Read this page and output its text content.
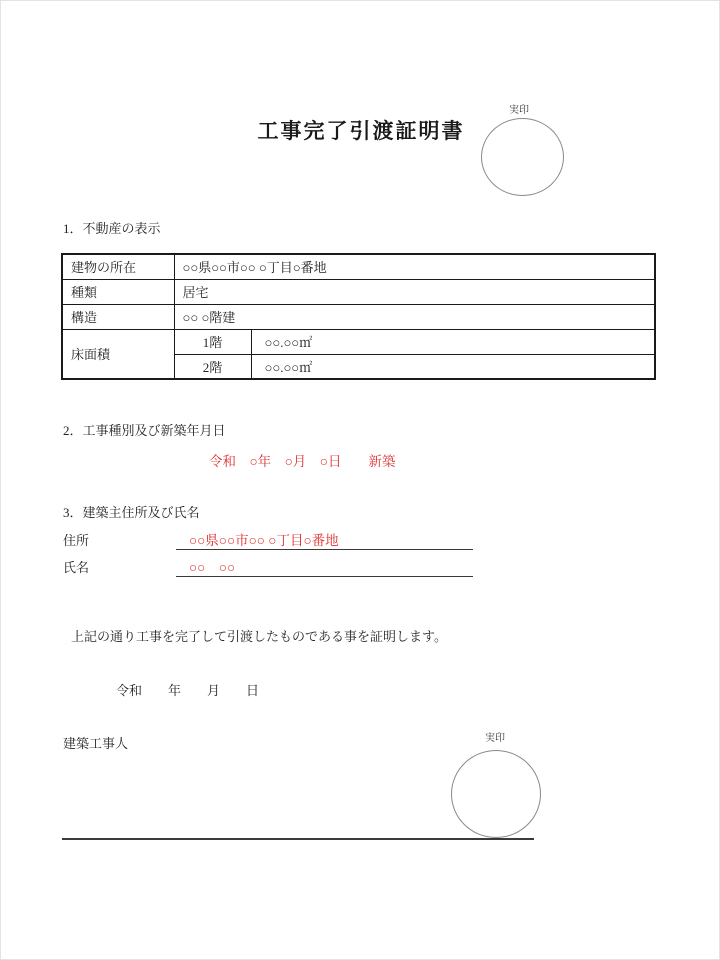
工事完了引渡証明書
実印
1．不動産の表示
建物の所在	○○県○○市○○ ○丁目○番地	
種類	居宅	
構造	○○ ○階建	
床面積	1階	○○.○○㎡
	2階	○○.○○㎡
2．工事種別及び新築年月日
令和　○年　○月　○日　　新築
3．建築主住所及び氏名
住所	○○県○○市○○ ○丁目○番地
氏名	○○　○○
上記の通り工事を完了して引渡したものである事を証明します。
令和　　年　　月　　日
建築工事人	実印
